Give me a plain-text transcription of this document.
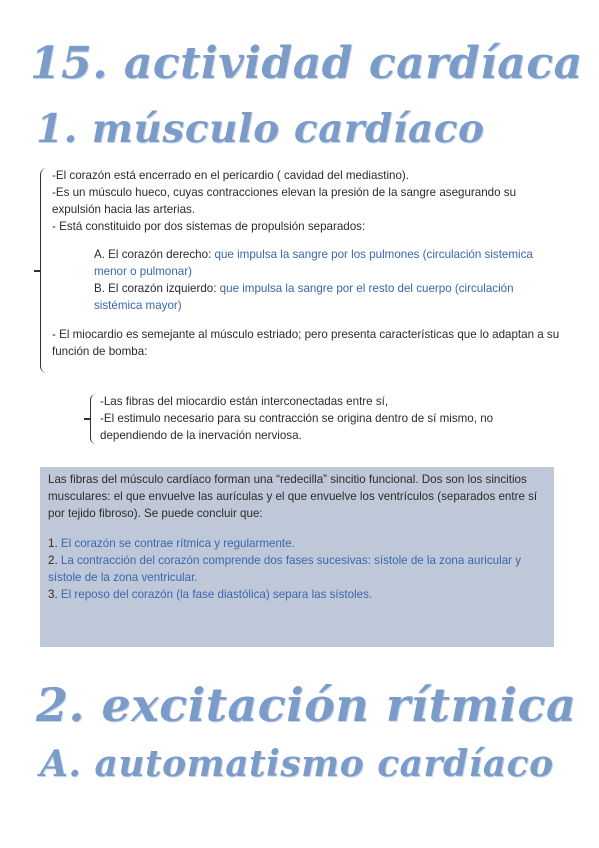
15. actividad cardíaca
1. músculo cardíaco

-El corazón está encerrado en el pericardio ( cavidad del mediastino).

-Es un músculo hueco, cuyas contracciones elevan la presión de la sangre asegurando su expulsión hacia las arterias.

- Está constituido por dos sistemas de propulsión separados:

A. El corazón derecho: que impulsa la sangre por los pulmones (circulación sistemica menor o pulmonar)

B. El corazón izquierdo: que impulsa la sangre por el resto del cuerpo (circulación sistémica mayor)

- El miocardio es semejante al músculo estriado; pero presenta características que lo adaptan a su función de bomba:

-Las fibras del miocardio están interconectadas entre sí,

-El estimulo necesario para su contracción se origina dentro de sí mismo, no dependiendo de la inervación nerviosa.

Las fibras del músculo cardíaco forman una “redecilla” sincitio funcional. Dos son los sincitios musculares: el que envuelve las aurículas y el que envuelve los ventrículos (separados entre sí por tejido fibroso). Se puede concluir que:

1. El corazón se contrae rítmica y regularmente.

2. La contracción del corazón comprende dos fases sucesivas: sístole de la zona auricular y sístole de la zona ventricular.

3. El reposo del corazón (la fase diastólica) separa las sístoles.

2. excitación rítmica
A. automatismo cardíaco
